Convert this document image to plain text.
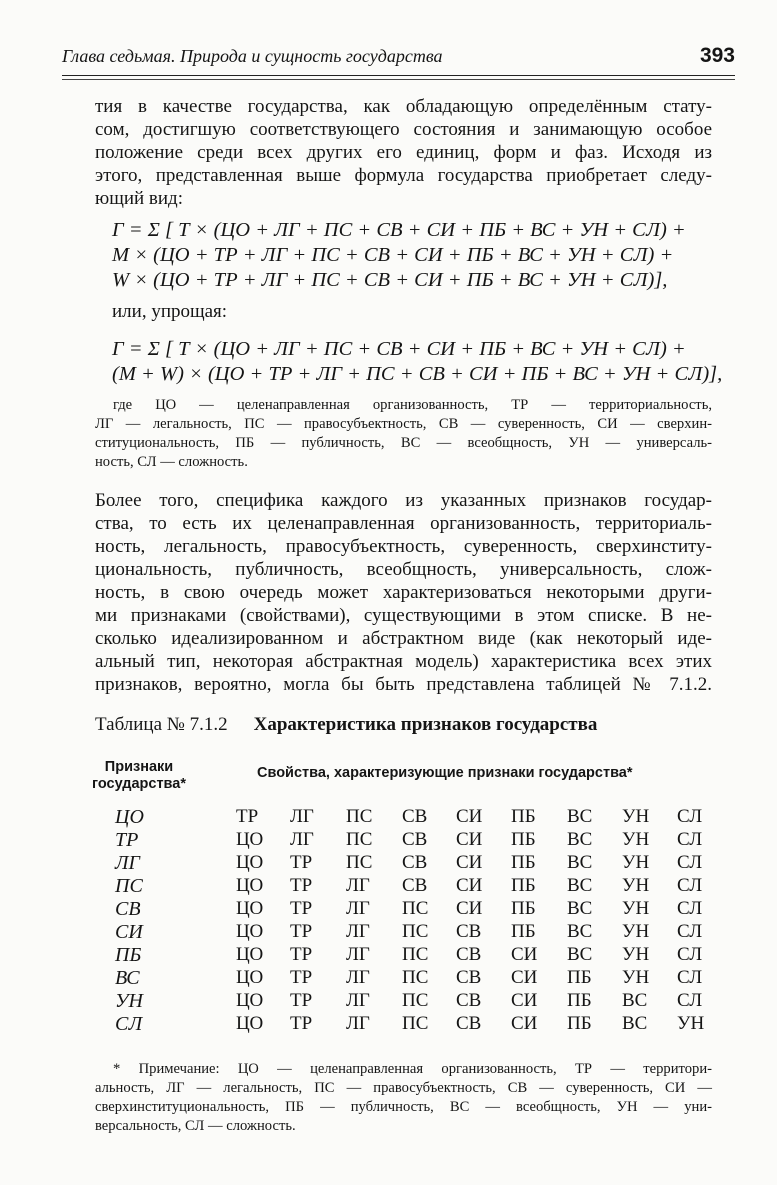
Глава седьмая. Природа и сущность государства	393
тия в качестве государства, как обладающую определённым стату-
сом, достигшую соответствующего состояния и занимающую особое
положение среди всех других его единиц, форм и фаз. Исходя из
этого, представленная выше формула государства приобретает следу-
ющий вид:
Г = Σ [ Т × (ЦО + ЛГ + ПС + СВ + СИ + ПБ + ВС + УН + СЛ) +
М × (ЦО + ТР + ЛГ + ПС + СВ + СИ + ПБ + ВС + УН + СЛ) +
W × (ЦО + ТР + ЛГ + ПС + СВ + СИ + ПБ + ВС + УН + СЛ)],
или, упрощая:
Г = Σ [ Т × (ЦО + ЛГ + ПС + СВ + СИ + ПБ + ВС + УН + СЛ) +
(М + W) × (ЦО + ТР + ЛГ + ПС + СВ + СИ + ПБ + ВС + УН + СЛ)],
где ЦО — целенаправленная организованность, ТР — территориальность,
ЛГ — легальность, ПС — правосубъектность, СВ — суверенность, СИ — сверхин-
ституциональность, ПБ — публичность, ВС — всеобщность, УН — универсаль-
ность, СЛ — сложность.
Более того, специфика каждого из указанных признаков государ-
ства, то есть их целенаправленная организованность, территориаль-
ность, легальность, правосубъектность, суверенность, сверхинститу-
циональность, публичность, всеобщность, универсальность, слож-
ность, в свою очередь может характеризоваться некоторыми други-
ми признаками (свойствами), существующими в этом списке. В не-
сколько идеализированном и абстрактном виде (как некоторый иде-
альный тип, некоторая абстрактная модель) характеристика всех этих
признаков, вероятно, могла бы быть представлена таблицей № 7.1.2.
Таблица № 7.1.2 Характеристика признаков государства
Признаки
государства*
Свойства, характеризующие признаки государства*
ЦО	ТР ЛГ ПС СВ СИ ПБ ВС УН СЛ
ТР	ЦО ЛГ ПС СВ СИ ПБ ВС УН СЛ
ЛГ	ЦО ТР ПС СВ СИ ПБ ВС УН СЛ
ПС	ЦО ТР ЛГ СВ СИ ПБ ВС УН СЛ
СВ	ЦО ТР ЛГ ПС СИ ПБ ВС УН СЛ
СИ	ЦО ТР ЛГ ПС СВ ПБ ВС УН СЛ
ПБ	ЦО ТР ЛГ ПС СВ СИ ВС УН СЛ
ВС	ЦО ТР ЛГ ПС СВ СИ ПБ УН СЛ
УН	ЦО ТР ЛГ ПС СВ СИ ПБ ВС СЛ
СЛ	ЦО ТР ЛГ ПС СВ СИ ПБ ВС УН
* Примечание: ЦО — целенаправленная организованность, ТР — территори-
альность, ЛГ — легальность, ПС — правосубъектность, СВ — суверенность, СИ —
сверхинституциональность, ПБ — публичность, ВС — всеобщность, УН — уни-
версальность, СЛ — сложность.
